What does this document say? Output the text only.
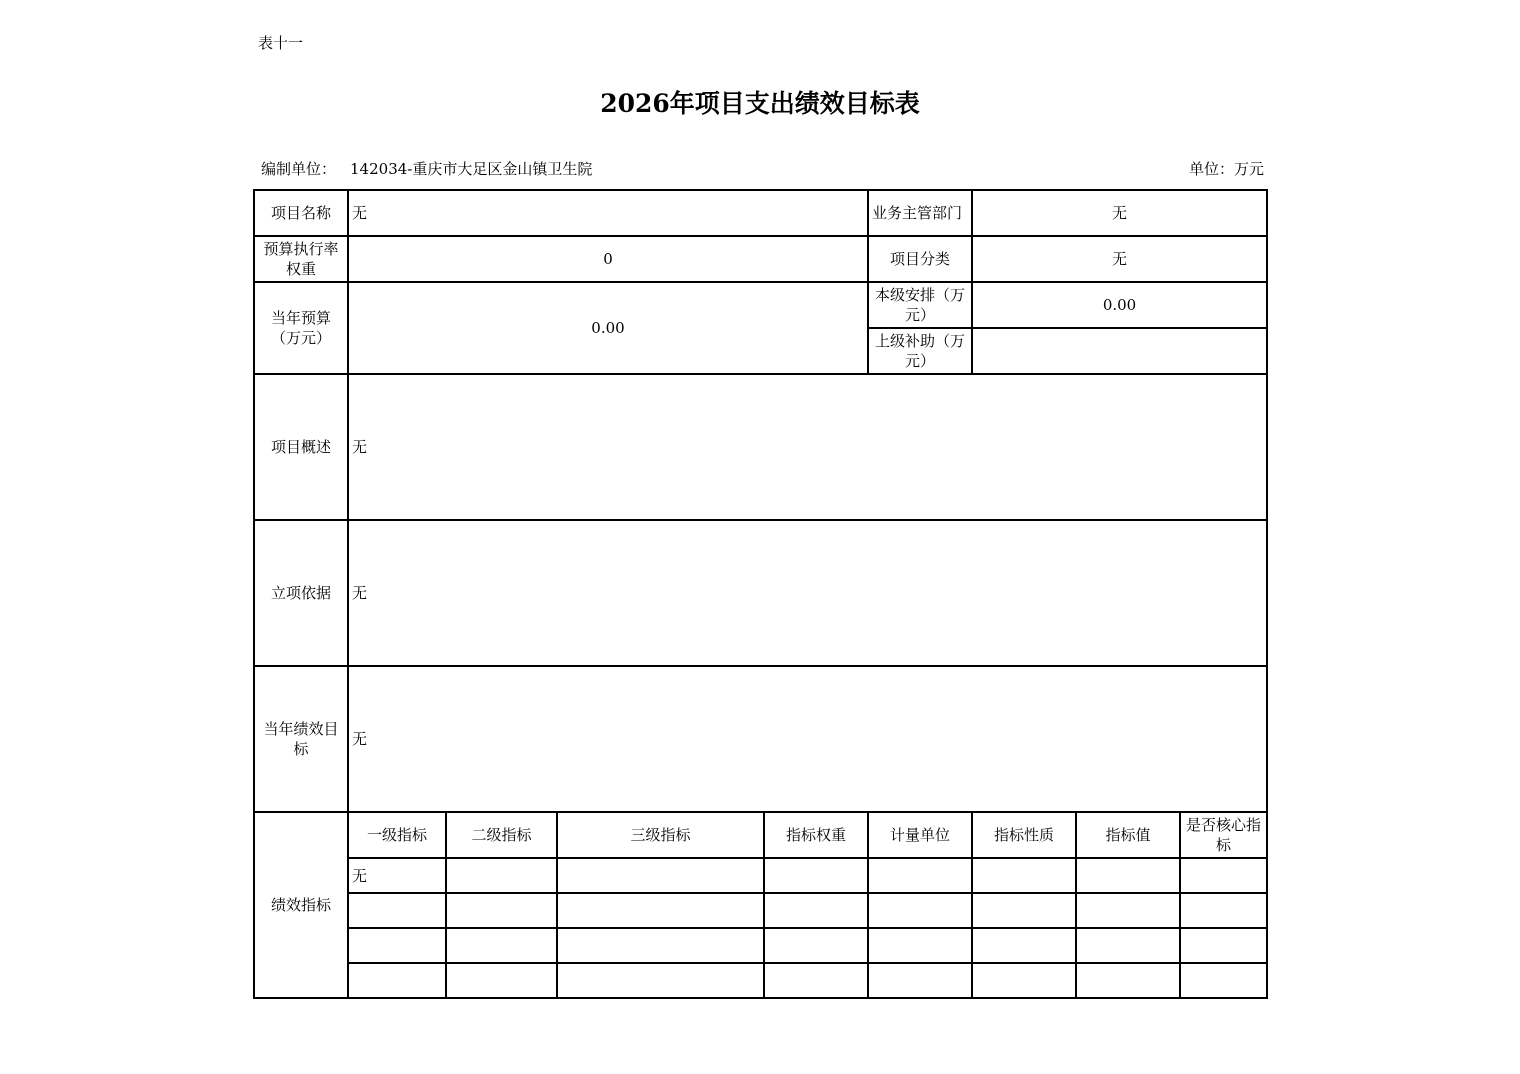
表十一
2026年项目支出绩效目标表
编制单位： 142034-重庆市大足区金山镇卫生院	单位：万元
项目名称	无				业务主管部门	无		
预算执行率权重	0				项目分类	无		
当年预算（万元）	0.00				本级安排（万元）	0.00		
					上级补助（万元）			
项目概述	无							
立项依据	无							
当年绩效目标	无							
绩效指标	一级指标	二级指标	三级指标	指标权重	计量单位	指标性质	指标值	是否核心指标
	无							
